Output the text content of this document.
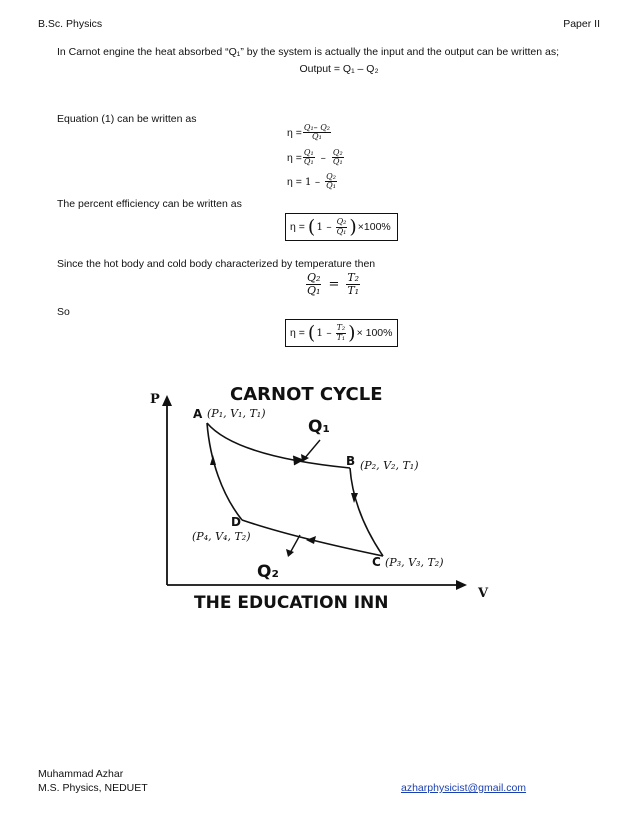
B.Sc. Physics	Paper II
In Carnot engine the heat absorbed “Q₁” by the system is actually the input and the output can be written as;
Output = Q₁ – Q₂
Equation (1) can be written as
$\eta = \frac{\text{Q₁– Q₂}}{\text{Q₁}}$
$\eta = \frac{\text{Q₁}}{\text{Q₁}} - \frac{\text{Q₂}}{\text{Q₁}}$
$\eta = 1 - \frac{\text{Q₂}}{\text{Q₁}}$
The percent efficiency can be written as
η = ( $1 - \frac{\text{Q₂}}{\text{Q₁}}$ ) ×100%
Since the hot body and cold body characterized by temperature then
$\frac{\text{Q₂}}{\text{Q₁}} = \frac{\text{T₂}}{\text{T₁}}$
So
η = ( $1 - \frac{\text{T₂}}{\text{T₁}}$ ) × 100%
P
V
CARNOT CYCLE
THE EDUCATION INN
A (P₁, V₁, T₁)
B (P₂, V₂, T₁)
C (P₃, V₃, T₂)
D
(P₄, V₄, T₂)
Q₁
Q₂
Muhammad Azhar
M.S. Physics, NEDUET	azharphysicist@gmail.com
